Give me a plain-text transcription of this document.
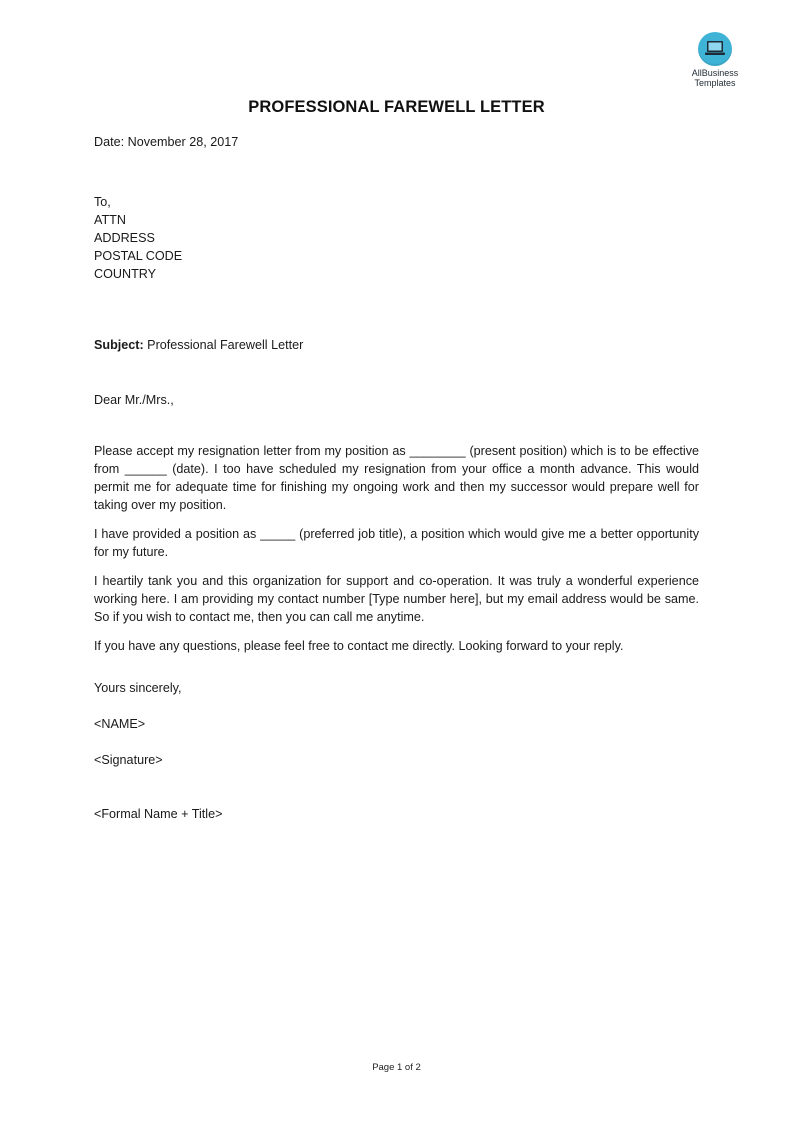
AllBusiness
Templates
PROFESSIONAL FAREWELL LETTER
Date: November 28, 2017
To,
ATTN
ADDRESS
POSTAL CODE
COUNTRY
Subject: Professional Farewell Letter
Dear Mr./Mrs.,

Please accept my resignation letter from my position as ________ (present position) which is to be effective from ______ (date). I too have scheduled my resignation from your office a month advance. This would permit me for adequate time for finishing my ongoing work and then my successor would prepare well for taking over my position.

I have provided a position as _____ (preferred job title), a position which would give me a better opportunity for my future.

I heartily tank you and this organization for support and co-operation. It was truly a wonderful experience working here. I am providing my contact number [Type number here], but my email address would be same. So if you wish to contact me, then you can call me anytime.

If you have any questions, please feel free to contact me directly. Looking forward to your reply.

Yours sincerely,
<NAME>
<Signature>
<Formal Name + Title>
Page 1 of 2
